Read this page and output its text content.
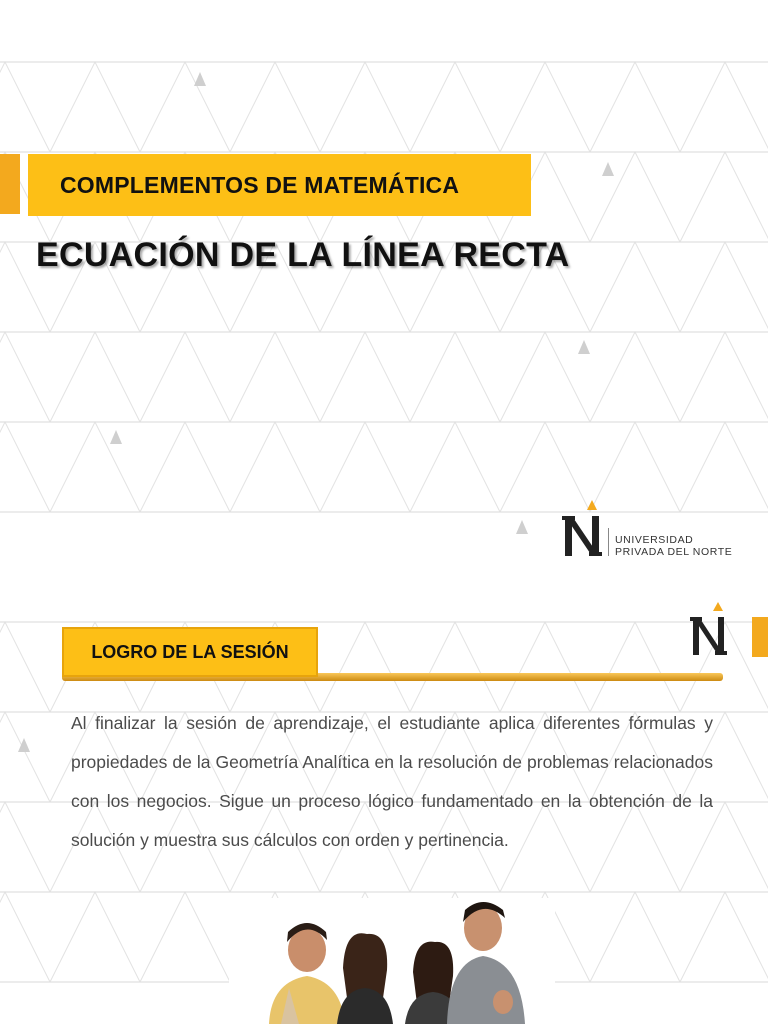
COMPLEMENTOS DE MATEMÁTICA
ECUACIÓN DE LA LÍNEA RECTA
UNIVERSIDAD
PRIVADA DEL NORTE
LOGRO DE LA SESIÓN

Al finalizar la sesión de aprendizaje, el estudiante aplica diferentes fórmulas y propiedades de la Geometría Analítica en la resolución de problemas relacionados con los negocios. Sigue un proceso lógico fundamentado en la obtención de la solución y muestra sus cálculos con orden y pertinencia.
